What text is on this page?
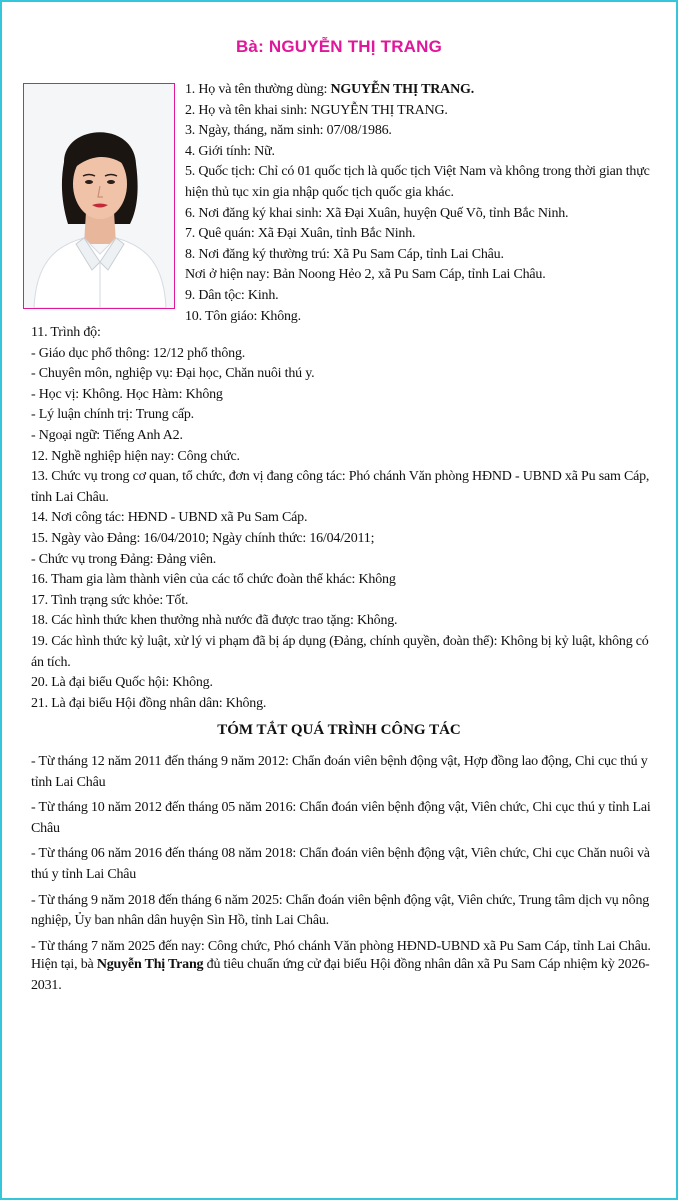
Bà: NGUYỄN THỊ TRANG
1. Họ và tên thường dùng: NGUYỄN THỊ TRANG.
2. Họ và tên khai sinh: NGUYỄN THỊ TRANG.
3. Ngày, tháng, năm sinh: 07/08/1986.
4. Giới tính: Nữ.
5. Quốc tịch: Chỉ có 01 quốc tịch là quốc tịch Việt Nam và không trong thời gian thực hiện thủ tục xin gia nhập quốc tịch quốc gia khác.
6. Nơi đăng ký khai sinh: Xã Đại Xuân, huyện Quế Võ, tỉnh Bắc Ninh.
7. Quê quán: Xã Đại Xuân, tỉnh Bắc Ninh.
8. Nơi đăng ký thường trú: Xã Pu Sam Cáp, tỉnh Lai Châu.
Nơi ở hiện nay: Bản Noong Hẻo 2, xã Pu Sam Cáp, tỉnh Lai Châu.
9. Dân tộc: Kinh.
10. Tôn giáo: Không.
11. Trình độ:
- Giáo dục phổ thông: 12/12 phổ thông.
- Chuyên môn, nghiệp vụ: Đại học, Chăn nuôi thú y.
- Học vị: Không. Học Hàm: Không
- Lý luận chính trị: Trung cấp.
- Ngoại ngữ: Tiếng Anh A2.
12. Nghề nghiệp hiện nay: Công chức.
13. Chức vụ trong cơ quan, tổ chức, đơn vị đang công tác: Phó chánh Văn phòng HĐND - UBND xã Pu sam Cáp, tỉnh Lai Châu.
14. Nơi công tác: HĐND - UBND xã Pu Sam Cáp.
15. Ngày vào Đảng: 16/04/2010; Ngày chính thức: 16/04/2011;
- Chức vụ trong Đảng: Đảng viên.
16. Tham gia làm thành viên của các tổ chức đoàn thể khác: Không
17. Tình trạng sức khỏe: Tốt.
18. Các hình thức khen thưởng nhà nước đã được trao tặng: Không.
19. Các hình thức kỷ luật, xử lý vi phạm đã bị áp dụng (Đảng, chính quyền, đoàn thể): Không bị kỷ luật, không có án tích.
20. Là đại biểu Quốc hội: Không.
21. Là đại biểu Hội đồng nhân dân: Không.
TÓM TẮT QUÁ TRÌNH CÔNG TÁC
- Từ tháng 12 năm 2011 đến tháng 9 năm 2012: Chẩn đoán viên bệnh động vật, Hợp đồng lao động, Chi cục thú y tỉnh Lai Châu
- Từ tháng 10 năm 2012 đến tháng 05 năm 2016: Chẩn đoán viên bệnh động vật, Viên chức, Chi cục thú y tỉnh Lai Châu
- Từ tháng 06 năm 2016 đến tháng 08 năm 2018: Chẩn đoán viên bệnh động vật, Viên chức, Chi cục Chăn nuôi và thú y tỉnh Lai Châu
- Từ tháng 9 năm 2018 đến tháng 6 năm 2025: Chẩn đoán viên bệnh động vật, Viên chức, Trung tâm dịch vụ nông nghiệp, Ủy ban nhân dân huyện Sìn Hồ, tỉnh Lai Châu.
- Từ tháng 7 năm 2025 đến nay: Công chức, Phó chánh Văn phòng HĐND-UBND xã Pu Sam Cáp, tỉnh Lai Châu.
Hiện tại, bà Nguyễn Thị Trang đủ tiêu chuẩn ứng cử đại biểu Hội đồng nhân dân xã Pu Sam Cáp nhiệm kỳ 2026-2031.
